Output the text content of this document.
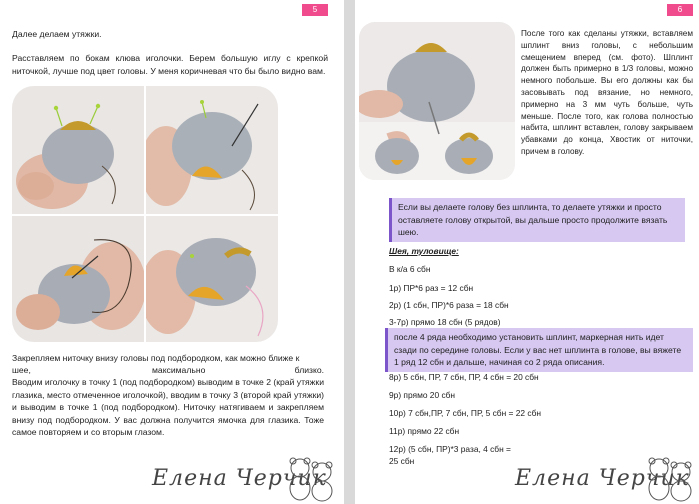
5
Далее делаем утяжки.
Расставляем по бокам клюва иголочки. Берем большую иглу с крепкой ниточкой, лучше под цвет головы. У меня коричневая что бы было видно вам.
Закрепляем ниточку внизу головы под подбородком, как можно ближе к
шее,	максимально	близко.
Вводим иголочку в точку 1 (под подбородком) выводим в точке 2 (край утяжки глазика, место отмеченное иголочкой), вводим в точку 3 (второй край утяжки) и выводим в точке 1 (под подбородком). Ниточку натягиваем и закрепляем внизу под подбородком. У вас должна получится ямочка для глазика. Тоже самое повторяем и со вторым глазом.
Елена Черчик
6
После того как сделаны утяжки, вставляем шплинт вниз головы, с небольшим смещением вперед (см. фото). Шплинт должен быть примерно в 1/3 головы, можно немного побольше. Вы его должны как бы засовывать под вязание, но немного, примерно на 3 мм чуть больше, чуть меньше. После того, как голова полностью набита, шплинт вставлен, голову закрываем убавками до конца, Хвостик от ниточки, причем в голову.
Если вы делаете голову без шплинта, то делаете утяжки и просто оставляете голову открытой, вы дальше просто продолжите вязать шею.
Шея, туловище:
В к/а 6 сбн
1р) ПР*6 раз = 12 сбн
2р) (1 сбн, ПР)*6 раза = 18 сбн
3-7р) прямо 18 сбн (5 рядов)
после 4 ряда необходимо установить шплинт, маркерная нить идет сзади по середине головы. Если у вас нет шплинта в голове, вы вяжете 1 ряд 12 сбн и дальше, начиная со 2 ряда описания.
8р) 5 сбн, ПР, 7 сбн, ПР, 4 сбн = 20 сбн
9р) прямо 20 сбн
10р) 7 сбн,ПР, 7 сбн, ПР, 5 сбн = 22 сбн
11р) прямо 22 сбн
12р) (5 сбн, ПР)*3 раза, 4 сбн =
25 сбн
Елена Черчик
